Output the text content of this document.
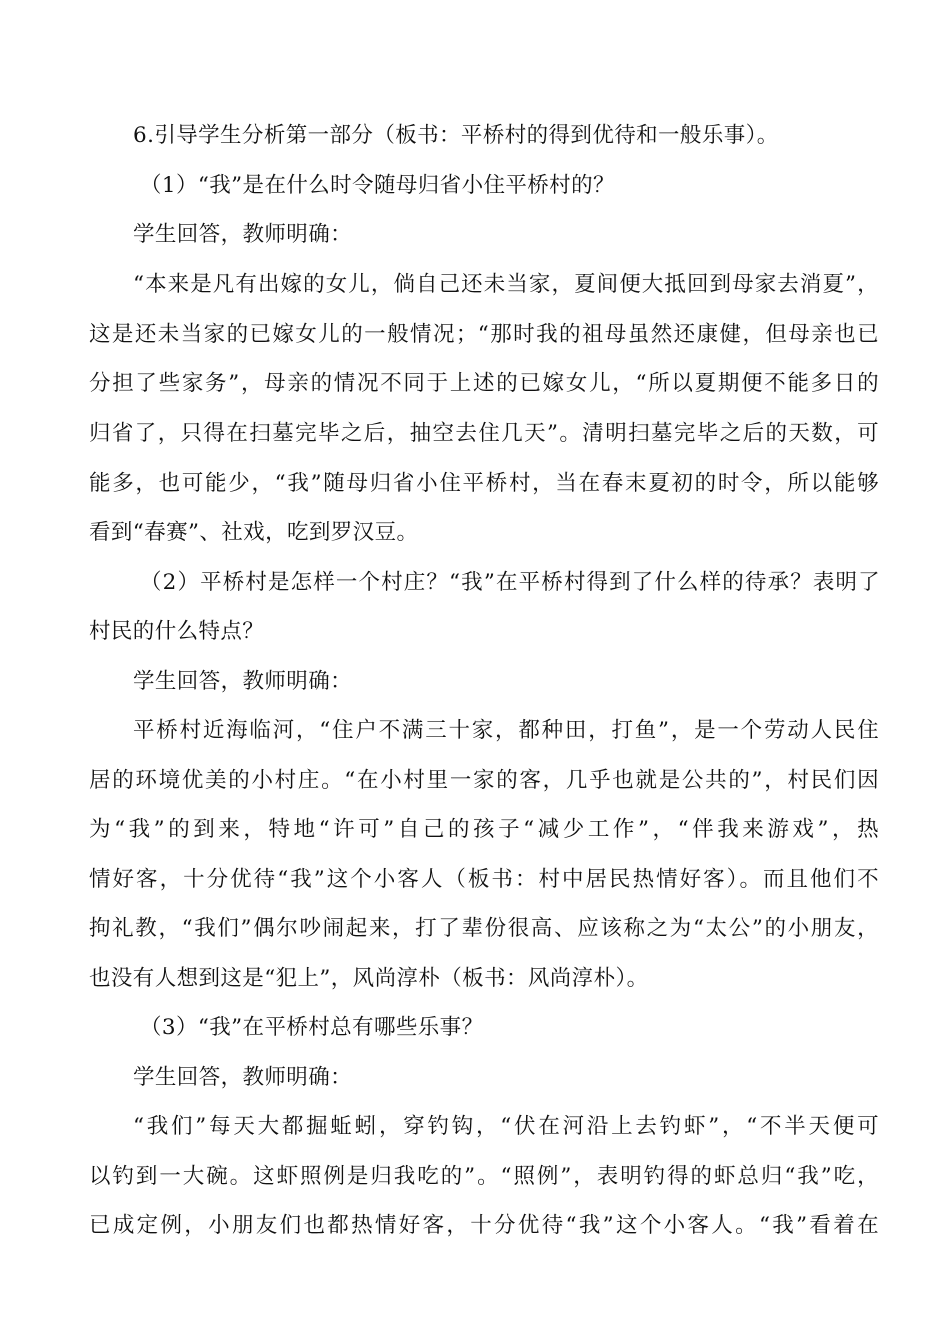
6.引导学生分析第一部分（板书：平桥村的得到优待和一般乐事）。
（1）“我”是在什么时令随母归省小住平桥村的？
学生回答，教师明确：
“本来是凡有出嫁的女儿，倘自己还未当家，夏间便大抵回到母家去消夏”，
这是还未当家的已嫁女儿的一般情况；“那时我的祖母虽然还康健，但母亲也已
分担了些家务”，母亲的情况不同于上述的已嫁女儿，“所以夏期便不能多日的
归省了，只得在扫墓完毕之后，抽空去住几天”。清明扫墓完毕之后的天数，可
能多，也可能少，“我”随母归省小住平桥村，当在春末夏初的时令，所以能够
看到“春赛”、社戏，吃到罗汉豆。
（2）平桥村是怎样一个村庄？“我”在平桥村得到了什么样的待承？表明了
村民的什么特点？
学生回答，教师明确：
平桥村近海临河，“住户不满三十家，都种田，打鱼”，是一个劳动人民住
居的环境优美的小村庄。“在小村里一家的客，几乎也就是公共的”，村民们因
为“我”的到来，特地“许可”自己的孩子“减少工作”，“伴我来游戏”，热
情好客，十分优待“我”这个小客人（板书：村中居民热情好客）。而且他们不
拘礼教，“我们”偶尔吵闹起来，打了辈份很高、应该称之为“太公”的小朋友，
也没有人想到这是“犯上”，风尚淳朴（板书：风尚淳朴）。
（3）“我”在平桥村总有哪些乐事？
学生回答，教师明确：
“我们”每天大都掘蚯蚓，穿钓钩，“伏在河沿上去钓虾”，“不半天便可
以钓到一大碗。这虾照例是归我吃的”。“照例”，表明钓得的虾总归“我”吃，
已成定例，小朋友们也都热情好客，十分优待“我”这个小客人。“我”看着在
